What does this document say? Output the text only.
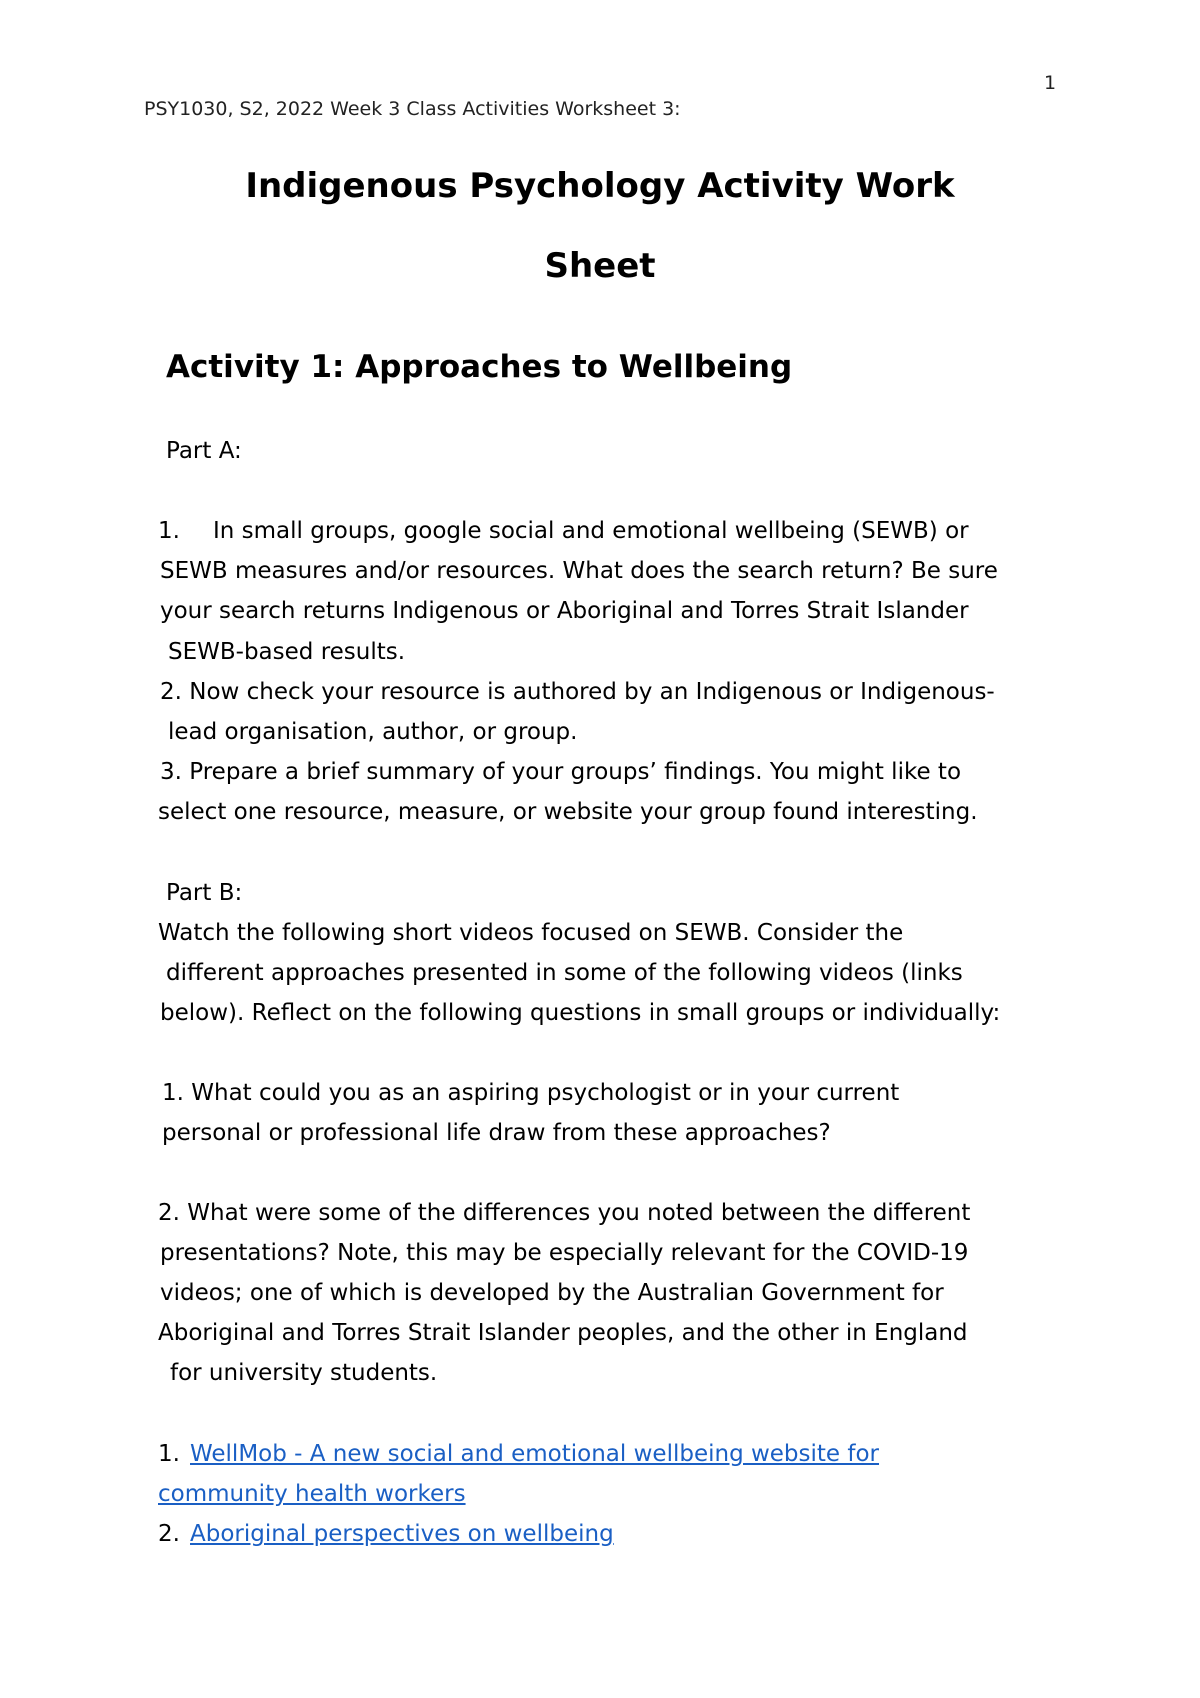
1
PSY1030, S2, 2022 Week 3 Class Activities Worksheet 3:
Indigenous Psychology Activity Work
Sheet
Activity 1: Approaches to Wellbeing
Part A:
1. In small groups, google social and emotional wellbeing (SEWB) or
SEWB measures and/or resources. What does the search return? Be sure
your search returns Indigenous or Aboriginal and Torres Strait Islander
SEWB-based results.
2. Now check your resource is authored by an Indigenous or Indigenous-
lead organisation, author, or group.
3. Prepare a brief summary of your groups’ findings. You might like to
select one resource, measure, or website your group found interesting.
Part B:
Watch the following short videos focused on SEWB. Consider the
different approaches presented in some of the following videos (links
below). Reflect on the following questions in small groups or individually:
1. What could you as an aspiring psychologist or in your current
personal or professional life draw from these approaches?
2. What were some of the differences you noted between the different
presentations? Note, this may be especially relevant for the COVID-19
videos; one of which is developed by the Australian Government for
Aboriginal and Torres Strait Islander peoples, and the other in England
for university students.
1. WellMob - A new social and emotional wellbeing website for
community health workers
2. Aboriginal perspectives on wellbeing
